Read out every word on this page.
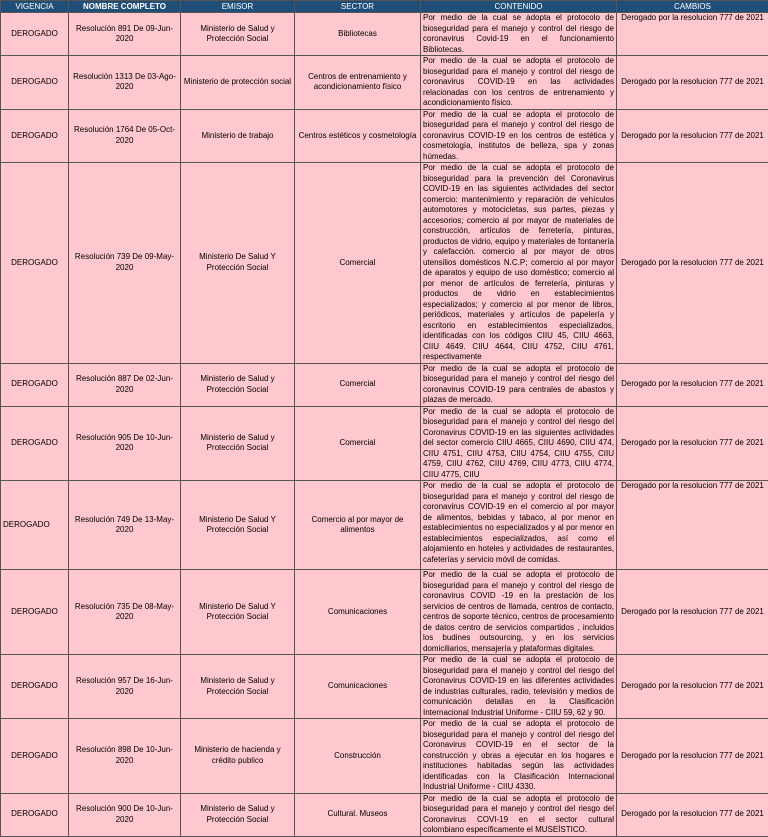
VIGENCIA	NOMBRE COMPLETO	EMISOR	SECTOR	CONTENIDO	CAMBIOS
DEROGADO	Resolución 891 De 09-Jun-2020	Ministerio de Salud y Protección Social	Bibliotecas	Por medio de la cual se adopta el protocolo de bioseguridad para el manejo y control del riesgo de coronavirus Covid-19 en el funcionamiento Bibliotecas.	Derogado por la resolucion 777 de 2021
DEROGADO	Resolución 1313 De 03-Ago-2020	Ministerio de protección social	Centros de entrenamiento y acondicionamiento físico	Por medio de la cual se adopta el protocolo de bioseguridad para el manejo y control del riesgo de coronavirus COVID-19 en las actividades relacionadas con los centros de entrenamiento y acondicionamiento físico.	Derogado por la resolucion 777 de 2021
DEROGADO	Resolución 1764 De 05-Oct-2020	Ministerio de trabajo	Centros estéticos y cosmetología	Por medio de la cual se adopta el protocolo de bioseguridad para el manejo y control del riesgo de coronavirus COVID-19 en los centros de estética y cosmetología, institutos de belleza, spa y zonas húmedas.	Derogado por la resolucion 777 de 2021
DEROGADO	Resolución 739 De 09-May-2020	Ministerio De Salud Y Protección Social	Comercial	Por medio de la cual se adopta el protocolo de bioseguridad para la prevención del Coronavirus COVID-19 en las siguientes actividades del sector comercio: mantenimiento y reparación de vehículos automotores y motocicletas, sus partes, piezas y accesorios; comercio al por mayor de materiales de construcción, artículos de ferretería, pinturas, productos de vidrio, equipo y materiales de fontanería y calefacción. comercio al por mayor de otros utensilios domésticos N.C.P; comercio al por mayor de aparatos y equipo de uso doméstico; comercio al por menor de artículos de ferretería, pinturas y productos de vidrio en establecimientos especializados; y comercio al por menor de libros, periódicos, materiales y artículos de papelería y escritorio en establecimientos especializados, identificadas con los códigos CIIU 45, CIIU 4663, CIIU 4649. CIIU 4644, CIIU 4752, CIIU 4761, respectivamente	Derogado por la resolucion 777 de 2021
DEROGADO	Resolución 887 De 02-Jun-2020	Ministerio de Salud y Protección Social	Comercial	Por medio de la cual se adopta el protocolo de bioseguridad para el manejo y control del riesgo del coronavirus COVID-19 para centrales de abastos y plazas de mercado.	Derogado por la resolucion 777 de 2021
DEROGADO	Resolución 905 De 10-Jun-2020	Ministerio de Salud y Protección Social	Comercial	Por medio de la cual se adopta el protocolo de bioseguridad para el manejo y control del riesgo del Coronavirus COVID-19 en las siguientes actividades del sector comercio CIIU 4665, CIIU 4690, CIIU 474, CIIU 4751, CIIU 4753, CIIU 4754, CIIU 4755, CIIU 4759, CIIU 4762, CIIU 4769, CIIU 4773, CIIU 4774, CIIU 4775, CIIU	Derogado por la resolucion 777 de 2021
DEROGADO	Resolución 749 De 13-May-2020	Ministerio De Salud Y Protección Social	Comercio al por mayor de alimentos	Por medio de la cual se adopta el protocolo de bioseguridad para el manejo y control del riesgo de coronavirus COVID-19 en el comercio al por mayor de alimentos, bebidas y tabaco, al por menor en establecimientos no especializados y al por menor en establecimientos especializados, así como el alojamiento en hoteles y actividades de restaurantes, cafeterías y servicio móvil de comidas.	Derogado por la resolucion 777 de 2021
DEROGADO	Resolución 735 De 08-May-2020	Ministerio De Salud Y Protección Social	Comunicaciones	Por medio de la cual se adopta el protocolo de bioseguridad para el manejo y control del riesgo de coronavirus COVID -19 en la prestación de los servicios de centros de llamada, centros de contacto, centros de soporte técnico, centros de procesamiento de datos centro de servicios compartidos , incluidos los budines outsourcing, y en los servicios domiciliarios, mensajería y plataformas digitales.	Derogado por la resolucion 777 de 2021
DEROGADO	Resolución 957 De 16-Jun-2020	Ministerio de Salud y Protección Social	Comunicaciones	Por medio de la cual se adopta el protocolo de bioseguridad para el manejo y control del riesgo del Coronavirus COVID-19 en las diferentes actividades de industrias culturales, radio, televisión y medios de comunicación detallas en la Clasificación Internacional Industrial Uniforme - CIIU 59, 62 y 90.	Derogado por la resolucion 777 de 2021
DEROGADO	Resolución 898 De 10-Jun-2020	Ministerio de hacienda y crédito publico	Construcción	Por medio de la cual se adopta el protocolo de bioseguridad para el manejo y control del riesgo del Coronavirus COVID-19 en el sector de la construcción y obras a ejecutar en los hogares e instituciones habitadas según las actividades identificadas con la Clasificación Internacional Industrial Uniforme - CIIU 4330.	Derogado por la resolucion 777 de 2021
DEROGADO	Resolución 900 De 10-Jun-2020	Ministerio de Salud y Protección Social	Cultural. Museos	Por medio de la cual se adopta el protocolo de bioseguridad para el manejo y control del riesgo del Coronavirus COVI-19 en el sector cultural colombiano específicamente el MUSEÍSTICO.	Derogado por la resolucion 777 de 2021
